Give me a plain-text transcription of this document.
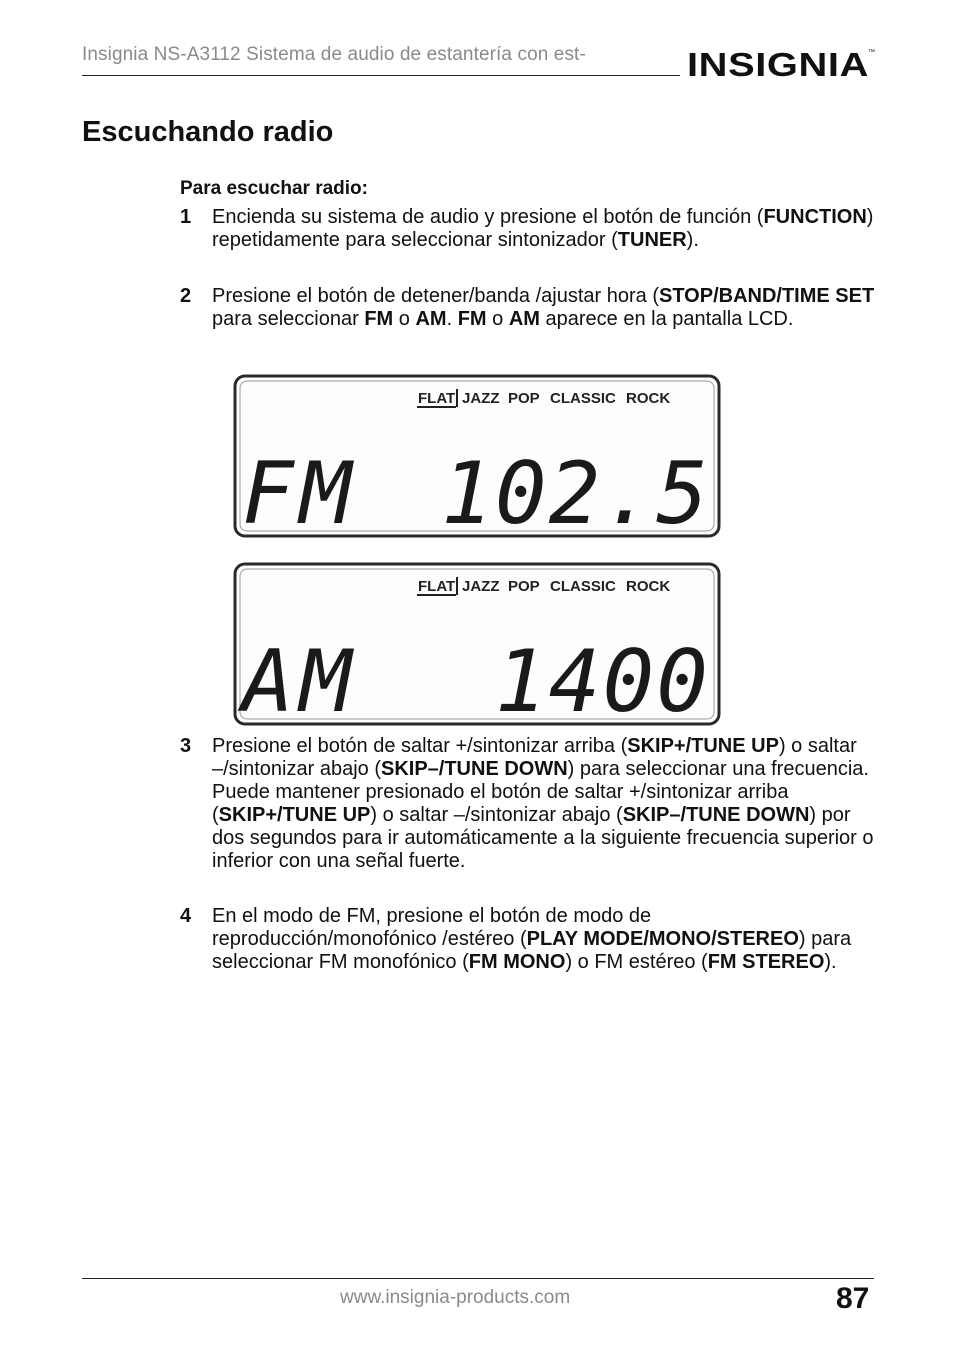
Insignia NS-A3112 Sistema de audio de estantería con est-	INSIGNIA ™
Escuchando radio
Para escuchar radio:
1 Encienda su sistema de audio y presione el botón de función (FUNCTION) repetidamente para seleccionar sintonizador (TUNER).
2 Presione el botón de detener/banda /ajustar hora (STOP/BAND/TIME SET para seleccionar FM o AM. FM o AM aparece en la pantalla LCD.
FLAT JAZZ POP CLASSIC ROCK
FM 102.5
FLAT JAZZ POP CLASSIC ROCK
AM 1400
3 Presione el botón de saltar +/sintonizar arriba (SKIP+/TUNE UP) o saltar –/sintonizar abajo (SKIP–/TUNE DOWN) para seleccionar una frecuencia. Puede mantener presionado el botón de saltar +/sintonizar arriba (SKIP+/TUNE UP) o saltar –/sintonizar abajo (SKIP–/TUNE DOWN) por dos segundos para ir automáticamente a la siguiente frecuencia superior o inferior con una señal fuerte.
4 En el modo de FM, presione el botón de modo de reproducción/monofónico /estéreo (PLAY MODE/MONO/STEREO) para seleccionar FM monofónico (FM MONO) o FM estéreo (FM STEREO).
www.insignia-products.com	87
